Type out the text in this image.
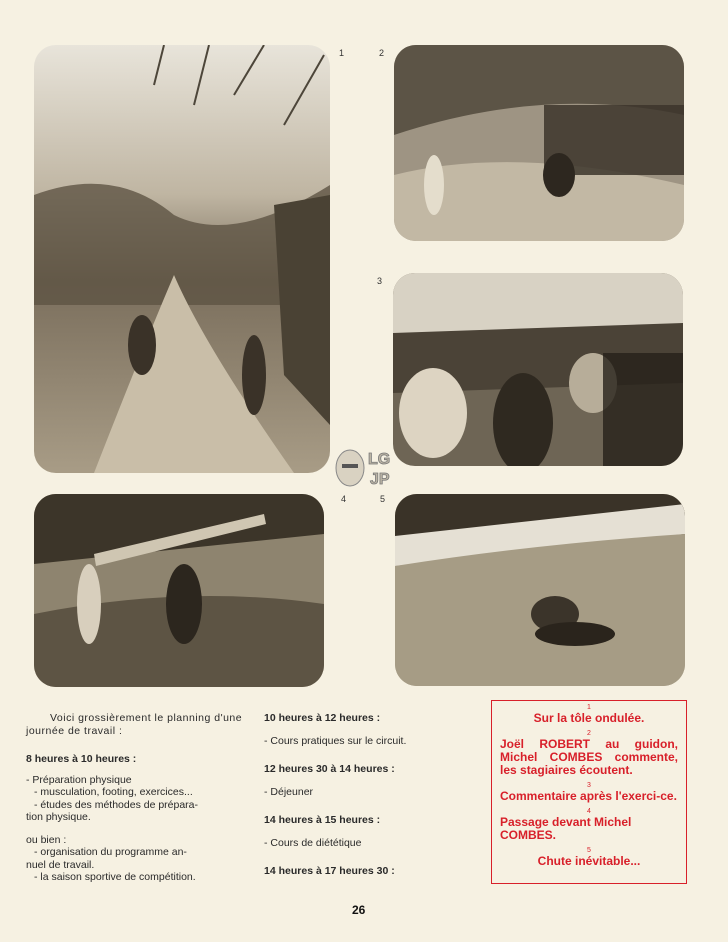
1	2
3
LG
JP
4	5

Voici grossièrement le planning d'une journée de travail :

8 heures à 10 heures :

- Préparation physique

- musculation, footing, exercices...

- études des méthodes de prépara-

tion physique.

ou bien :

- organisation du programme an-

nuel de travail.

- la saison sportive de compétition.

10 heures à 12 heures :

- Cours pratiques sur le circuit.

12 heures 30 à 14 heures :

- Déjeuner

14 heures à 15 heures :

- Cours de diététique

14 heures à 17 heures 30 :

1
Sur la tôle ondulée.
2
Joël ROBERT au guidon, Michel COMBES commente, les stagiaires écoutent.
3
Commentaire après l'exerci-ce.
4
Passage devant Michel COMBES.
5
Chute inévitable...
26
